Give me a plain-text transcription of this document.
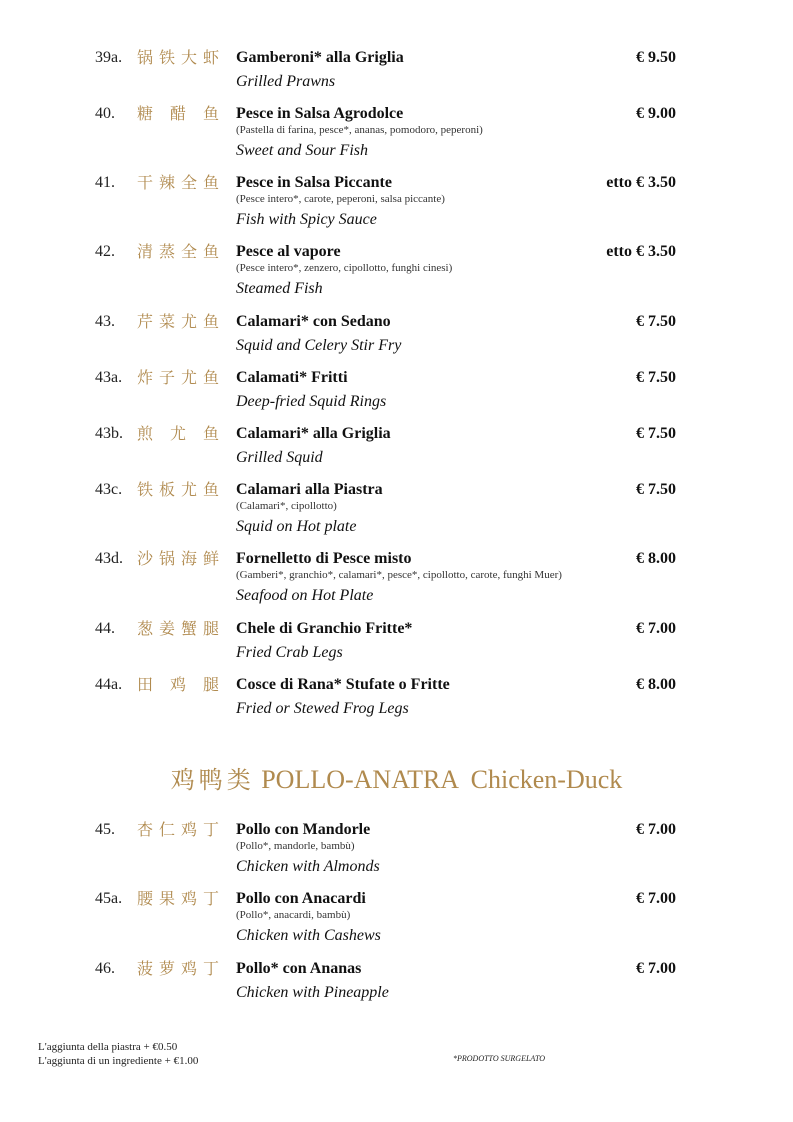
39a. 锅 铁 大 虾 Gamberoni* alla Griglia
Grilled Prawns
€ 9.50
40. 糖 醋 鱼 Pesce in Salsa Agrodolce
(Pastella di farina, pesce*, ananas, pomodoro, peperoni)
Sweet and Sour Fish
€ 9.00
41. 干 辣 全 鱼 Pesce in Salsa Piccante
(Pesce intero*, carote, peperoni, salsa piccante)
Fish with Spicy Sauce
etto € 3.50
42. 清 蒸 全 鱼 Pesce al vapore
(Pesce intero*, zenzero, cipollotto, funghi cinesi)
Steamed Fish
etto € 3.50
43. 芹 菜 尤 鱼 Calamari* con Sedano
Squid and Celery Stir Fry
€ 7.50
43a. 炸 子 尤 鱼 Calamati* Fritti
Deep-fried Squid Rings
€ 7.50
43b. 煎 尤 鱼 Calamari* alla Griglia
Grilled Squid
€ 7.50
43c. 铁 板 尤 鱼 Calamari alla Piastra
(Calamari*, cipollotto)
Squid on Hot plate
€ 7.50
43d. 沙 锅 海 鲜 Fornelletto di Pesce misto
(Gamberi*, granchio*, calamari*, pesce*, cipollotto, carote, funghi Muer)
Seafood on Hot Plate
€ 8.00
44. 葱 姜 蟹 腿 Chele di Granchio Fritte*
Fried Crab Legs
€ 7.00
44a. 田 鸡 腿 Cosce di Rana* Stufate o Fritte
Fried or Stewed Frog Legs
€ 8.00
鸡鸭类 POLLO-ANATRA  Chicken-Duck
45. 杏 仁 鸡 丁 Pollo con Mandorle
(Pollo*, mandorle, bambù)
Chicken with Almonds
€ 7.00
45a. 腰 果 鸡 丁 Pollo con Anacardi
(Pollo*, anacardi, bambù)
Chicken with Cashews
€ 7.00
46. 菠 萝 鸡 丁 Pollo* con Ananas
Chicken with Pineapple
€ 7.00
L'aggiunta della piastra + €0.50
L'aggiunta di un ingrediente + €1.00	*PRODOTTO SURGELATO
